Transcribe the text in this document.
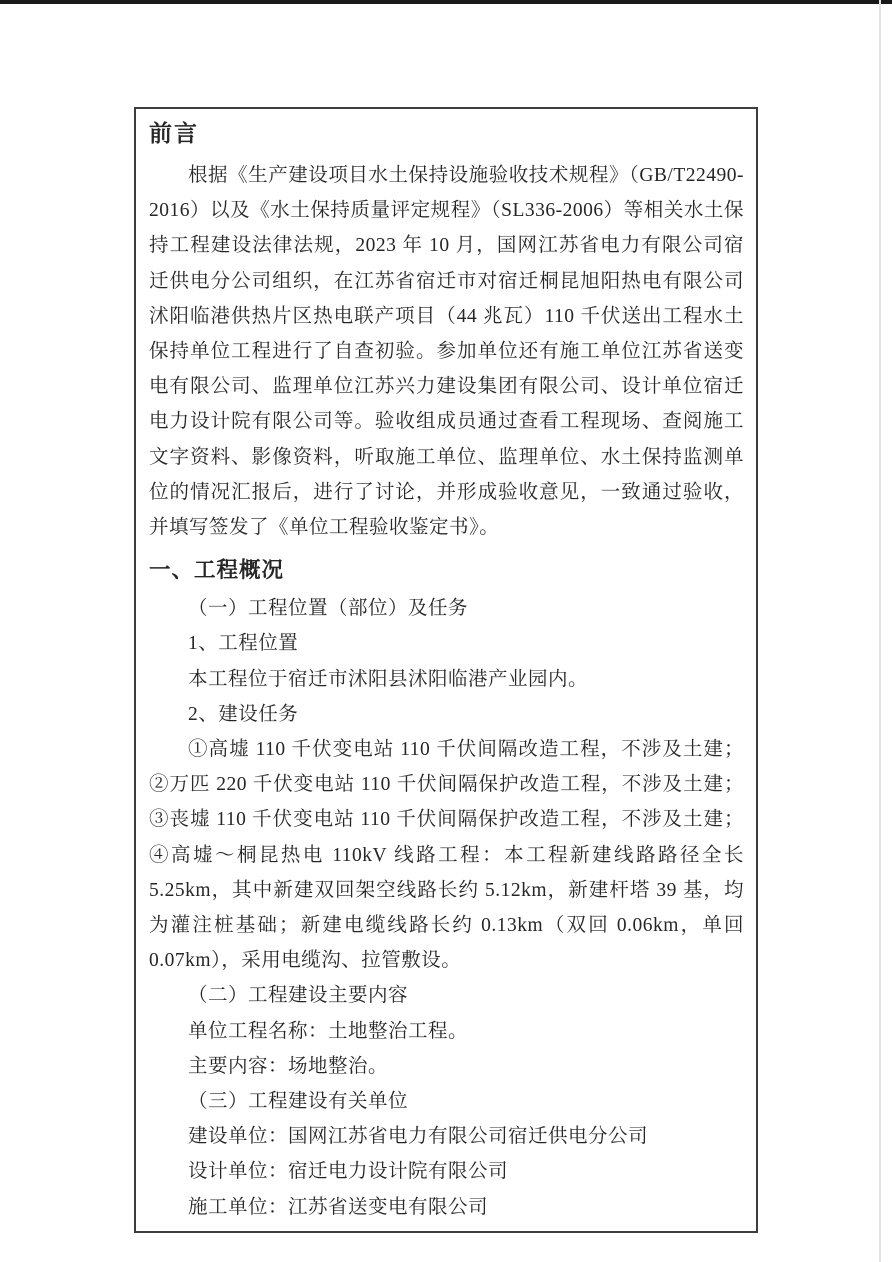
前言

根据《生产建设项目水土保持设施验收技术规程》（GB/T22490-2016）以及《水土保持质量评定规程》（SL336-2006）等相关水土保持工程建设法律法规，2023 年 10 月，国网江苏省电力有限公司宿迁供电分公司组织，在江苏省宿迁市对宿迁桐昆旭阳热电有限公司沭阳临港供热片区热电联产项目（44 兆瓦）110 千伏送出工程水土保持单位工程进行了自查初验。参加单位还有施工单位江苏省送变电有限公司、监理单位江苏兴力建设集团有限公司、设计单位宿迁电力设计院有限公司等。验收组成员通过查看工程现场、查阅施工文字资料、影像资料，听取施工单位、监理单位、水土保持监测单位的情况汇报后，进行了讨论，并形成验收意见，一致通过验收，并填写签发了《单位工程验收鉴定书》。

一、工程概况
（一）工程位置（部位）及任务
1、工程位置
本工程位于宿迁市沭阳县沭阳临港产业园内。
2、建设任务

①高墟 110 千伏变电站 110 千伏间隔改造工程，不涉及土建；②万匹 220 千伏变电站 110 千伏间隔保护改造工程，不涉及土建；③丧墟 110 千伏变电站 110 千伏间隔保护改造工程，不涉及土建；④高墟～桐昆热电 110kV 线路工程：本工程新建线路路径全长 5.25km，其中新建双回架空线路长约 5.12km，新建杆塔 39 基，均为灌注桩基础；新建电缆线路长约 0.13km（双回 0.06km，单回 0.07km），采用电缆沟、拉管敷设。

（二）工程建设主要内容
单位工程名称：土地整治工程。
主要内容：场地整治。
（三）工程建设有关单位
建设单位：国网江苏省电力有限公司宿迁供电分公司
设计单位：宿迁电力设计院有限公司
施工单位：江苏省送变电有限公司
